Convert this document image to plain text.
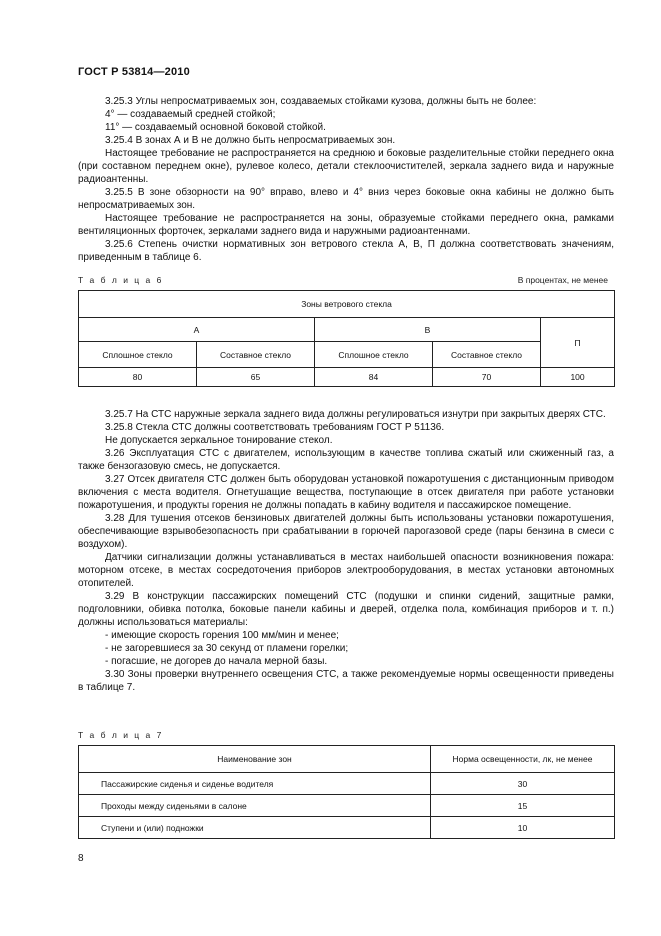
ГОСТ Р 53814—2010

3.25.3 Углы непросматриваемых зон, создаваемых стойками кузова, должны быть не более:

4° — создаваемый средней стойкой;

11° — создаваемый основной боковой стойкой.

3.25.4 В зонах А и В не должно быть непросматриваемых зон.

Настоящее требование не распространяется на среднюю и боковые разделительные стойки переднего окна (при составном переднем окне), рулевое колесо, детали стеклоочистителей, зеркала заднего вида и наружные радиоантенны.

3.25.5 В зоне обзорности на 90° вправо, влево и 4° вниз через боковые окна кабины не должно быть непросматриваемых зон.

Настоящее требование не распространяется на зоны, образуемые стойками переднего окна, рамками вентиляционных форточек, зеркалами заднего вида и наружными радиоантеннами.

3.25.6 Степень очистки нормативных зон ветрового стекла А, В, П должна соответствовать значениям, приведенным в таблице 6.

Т а б л и ц а 6	В процентах, не менее
Зоны ветрового стекла				
А		В		П
Сплошное стекло	Составное стекло	Сплошное стекло	Составное стекло	
80	65	84	70	100

3.25.7 На СТС наружные зеркала заднего вида должны регулироваться изнутри при закрытых дверях СТС.

3.25.8 Стекла СТС должны соответствовать требованиям ГОСТ Р 51136.

Не допускается зеркальное тонирование стекол.

3.26 Эксплуатация СТС с двигателем, использующим в качестве топлива сжатый или сжиженный газ, а также бензогазовую смесь, не допускается.

3.27 Отсек двигателя СТС должен быть оборудован установкой пожаротушения с дистанционным приводом включения с места водителя. Огнетушащие вещества, поступающие в отсек двигателя при работе установки пожаротушения, и продукты горения не должны попадать в кабину водителя и пассажирское помещение.

3.28 Для тушения отсеков бензиновых двигателей должны быть использованы установки пожаротушения, обеспечивающие взрывобезопасность при срабатывании в горючей парогазовой среде (пары бензина в смеси с воздухом).

Датчики сигнализации должны устанавливаться в местах наибольшей опасности возникновения пожара: моторном отсеке, в местах сосредоточения приборов электрооборудования, в местах установки автономных отопителей.

3.29 В конструкции пассажирских помещений СТС (подушки и спинки сидений, защитные рамки, подголовники, обивка потолка, боковые панели кабины и дверей, отделка пола, комбинация приборов и т. п.) должны использоваться материалы:

- имеющие скорость горения 100 мм/мин и менее;

- не загоревшиеся за 30 секунд от пламени горелки;

- погасшие, не догорев до начала мерной базы.

3.30 Зоны проверки внутреннего освещения СТС, а также рекомендуемые нормы освещенности приведены в таблице 7.

Т а б л и ц а 7
Наименование зон	Норма освещенности, лк, не менее
Пассажирские сиденья и сиденье водителя	30
Проходы между сиденьями в салоне	15
Ступени и (или) подножки	10
8
